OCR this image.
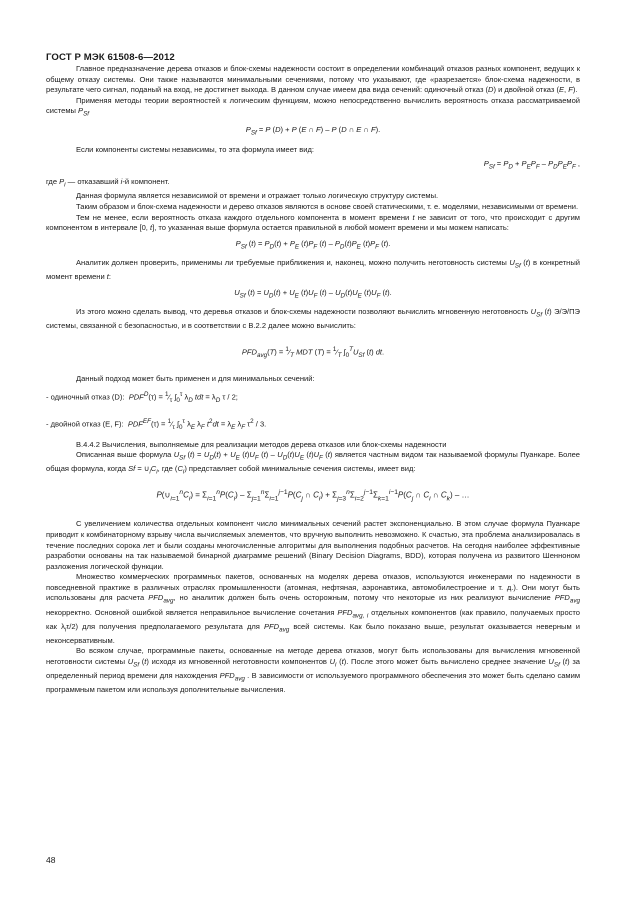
ГОСТ Р МЭК 61508-6—2012

Главное предназначение дерева отказов и блок-схемы надежности состоит в определении комбинаций отказов разных компонент, ведущих к общему отказу системы. Они также называются минимальными сечениями, потому что указывают, где «разрезается» блок-схема надежности, в результате чего сигнал, поданый на вход, не достигнет выхода. В данном случае имеем два вида сечений: одиночный отказ (D) и двойной отказ (E, F).

Применяя методы теории вероятностей к логическим функциям, можно непосредственно вычислить вероятность отказа рассматриваемой системы $P_{Sf}$

$P_{Sf} = P$ (D) + P (E ∩ F) – P (D ∩ E ∩ F).

Если компоненты системы независимы, то эта формула имеет вид:

$P_{Sf} = P_D + P_EP_F - P_DP_EP_F$ ,

где $P_i$ — отказавший i-й компонент.

Данная формула является независимой от времени и отражает только логическую структуру системы.

Таким образом и блок-схема надежности и дерево отказов являются в основе своей статическими, т. е. моделями, независимыми от времени.

Тем не менее, если вероятность отказа каждого отдельного компонента в момент времени t не зависит от того, что происходит с другим компонентом в интервале [0, t], то указанная выше формула остается правильной в любой момент времени и мы можем написать:

$P_{Sf}$ $(t) = P_D(t) + P_E$ $(t)P_F$ $(t) - P_D(t)P_E$ $(t)P_F$ (t).

Аналитик должен проверить, применимы ли требуемые приближения и, наконец, можно получить неготовность системы $U_{Sf}$ (t) в конкретный момент времени t:

$U_{Sf}$ $(t) = U_D(t) + U_E$ $(t)U_F$ $(t) - U_D(t)U_E$ $(t)U_F$ (t).

Из этого можно сделать вывод, что деревья отказов и блок-схемы надежности позволяют вычислить мгновенную неготовность $U_{Sf}$ (t) Э/Э/ПЭ системы, связанной с безопасностью, и в соответствии с В.2.2 далее можно вычислить:

$PFD_{avg}(T)$ = $^1⁄_T$ MDT $(T) = ^1⁄_T$ $\int_0^TU_{Sf}$ (t) dt.

Данный подход может быть применен и для минимальных сечений:

- одиночный отказ (D):  $PDF^D(\tau)$ = $^1⁄_\tau$ $\int_0^\tau$ $\lambda_D$ tdt = $\lambda_D$ τ / 2;

- двойной отказ (E, F):  $PDF^{EF}(\tau)$ = $^1⁄_\tau$ $\int_0^\tau$ $\lambda_E$ $\lambda_F$ $t^2dt = \lambda_E$ $\lambda_F$ $\tau^2 / 3$.

В.4.4.2 Вычисления, выполняемые для реализации методов дерева отказов или блок-схемы надежности

Описанная выше формула $U_{Sf}$ $(t) = U_D(t) + U_E$ $(t)U_F$ $(t) - U_D(t)U_E$ $(t)U_F$ (t) является частным видом так называемой формулы Пуанкаре. Более общая формула, когда $Sf = \cup_iC_i$, где $(C_i)$ представляет собой минимальные сечения системы, имеет вид:

$P(\cup_{i=1}^nC_i) = \Sigma_{i=1}^nP(C_i) - \Sigma_{j=1}^n\Sigma_{i=1}^{j-1}P(C_j$ ∩ $C_i) + \Sigma_{j=3}^n\Sigma_{i=2}^{j-1}\Sigma_{k=1}^{i-1}P(C_j$ ∩ $C_i$ ∩ $C_k$) – …

С увеличением количества отдельных компонент число минимальных сечений растет экспоненциально. В этом случае формула Пуанкаре приводит к комбинаторному взрыву числа вычисляемых элементов, что вручную выполнить невозможно. К счастью, эта проблема анализировалась в течение последних сорока лет и были созданы многочисленные алгоритмы для выполнения подобных расчетов. На сегодня наиболее эффективные разработки основаны на так называемой бинарной диаграмме решений (Binary Decision Diagrams, BDD), которая получена из развитого Шенноном разложения логической функции.

Множество коммерческих программных пакетов, основанных на моделях дерева отказов, используются инженерами по надежности в повседневной практике в различных отраслях промышленности (атомная, нефтяная, аэронавтика, автомобилестроение и т. д.). Они могут быть использованы для расчета $PFD_{avg}$, но аналитик должен быть очень осторожным, потому что некоторые из них реализуют вычисление $PFD_{avg}$ некорректно. Основной ошибкой является неправильное вычисление сочетания $PFD_{avg, i}$ отдельных компонентов (как правило, получаемых просто как $\lambda_i\tau/2$) для получения предполагаемого результата для $PFD_{avg}$ всей системы. Как было показано выше, результат оказывается неверным и неконсервативным.

Во всяком случае, программные пакеты, основанные на методе дерева отказов, могут быть использованы для вычисления мгновенной неготовности системы $U_{Sf}$ (t) исходя из мгновенной неготовности компонентов $U_i$ (t). После этого может быть вычислено среднее значение $U_{Sf}$ (t) за определенный период времени для нахождения $PFD_{avg}$ . В зависимости от используемого программного обеспечения это может быть сделано самим программным пакетом или используя дополнительные вычисления.

48
